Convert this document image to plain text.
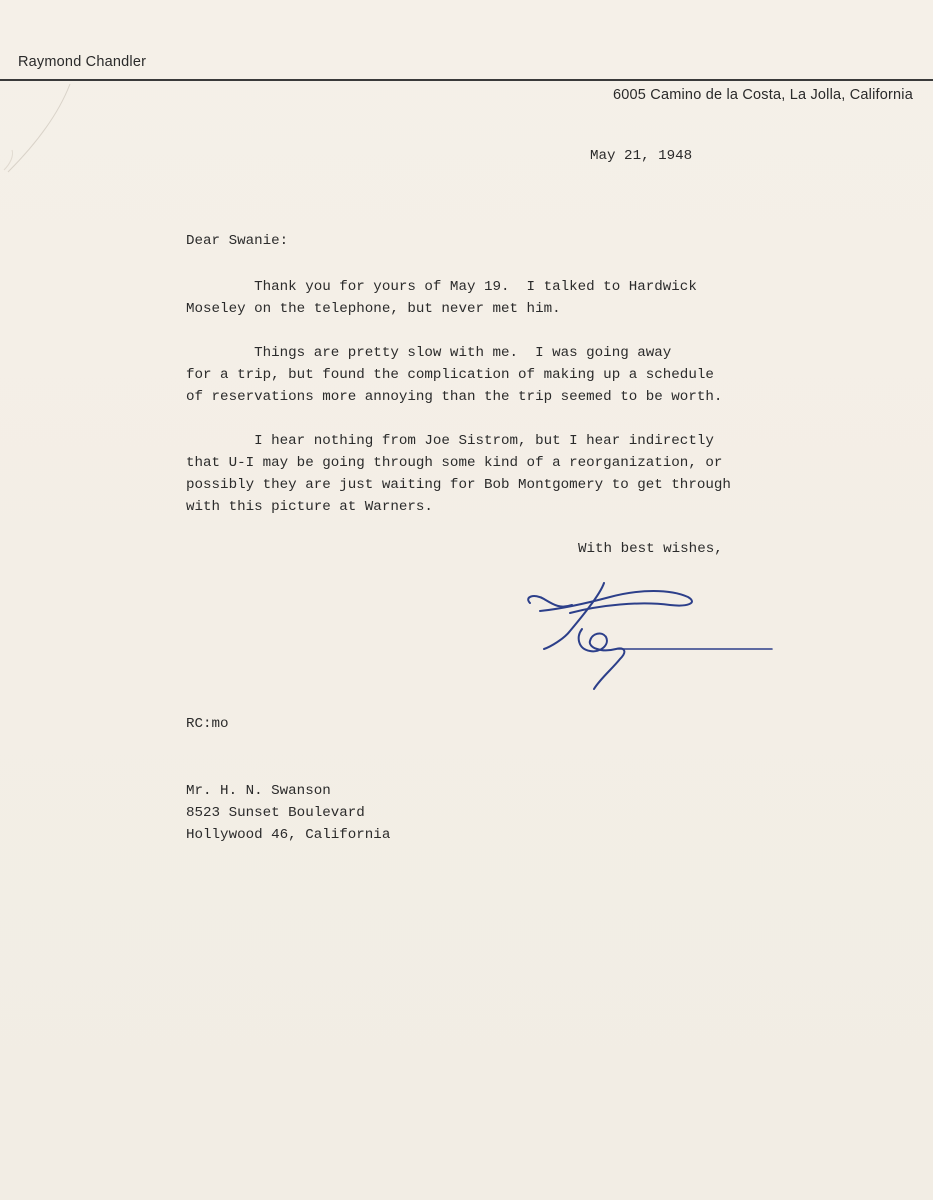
Raymond Chandler
6005 Camino de la Costa, La Jolla, California
May 21, 1948
Dear Swanie:
Thank you for yours of May 19.  I talked to Hardwick
Moseley on the telephone, but never met him.
Things are pretty slow with me.  I was going away
for a trip, but found the complication of making up a schedule
of reservations more annoying than the trip seemed to be worth.
I hear nothing from Joe Sistrom, but I hear indirectly
that U-I may be going through some kind of a reorganization, or
possibly they are just waiting for Bob Montgomery to get through
with this picture at Warners.
With best wishes,
RC:mo
Mr. H. N. Swanson
8523 Sunset Boulevard
Hollywood 46, California
